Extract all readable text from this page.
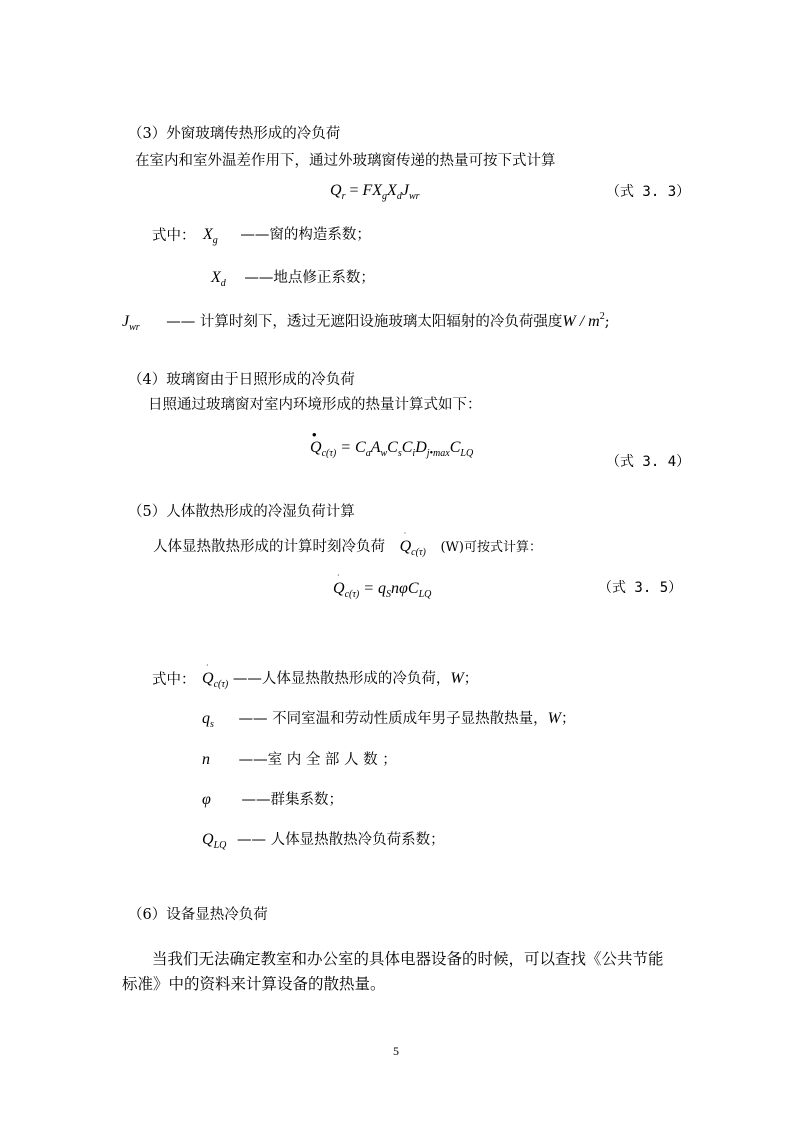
（3）外窗玻璃传热形成的冷负荷
在室内和室外温差作用下，通过外玻璃窗传递的热量可按下式计算
$Q_r = FX_gX_dJ_{wr}$	（式 3. 3）
式中： $X_g$ ——窗的构造系数；
$X_d$ ——地点修正系数；
$J_{wr}$ —— 计算时刻下，透过无遮阳设施玻璃太阳辐射的冷负荷强度W / $m^2$;
（4）玻璃窗由于日照形成的冷负荷
日照通过玻璃窗对室内环境形成的热量计算式如下：
•
$Q_{c(\tau)} = C_aA_wC_sC_iD_{j•max}C_{LQ}$
（式 3. 4）
（5）人体散热形成的冷湿负荷计算
人体显热散热形成的计算时刻冷负荷
·
$Q_{c(\tau)}$ (W)可按式计算：
·
$Q_{c(\tau)} = q_Sn\varphi C_{LQ}$	（式 3. 5）
式中：
·
$Q_{c(\tau)}$ ——人体显热散热形成的冷负荷，W；
$q_s$ —— 不同室温和劳动性质成年男子显热散热量，W；
n ——室 内 全 部 人 数 ；
φ ——群集系数；
$Q_{LQ}$ —— 人体显热散热冷负荷系数；
（6）设备显热冷负荷
当我们无法确定教室和办公室的具体电器设备的时候，可以查找《公共节能
标准》中的资料来计算设备的散热量。
5
